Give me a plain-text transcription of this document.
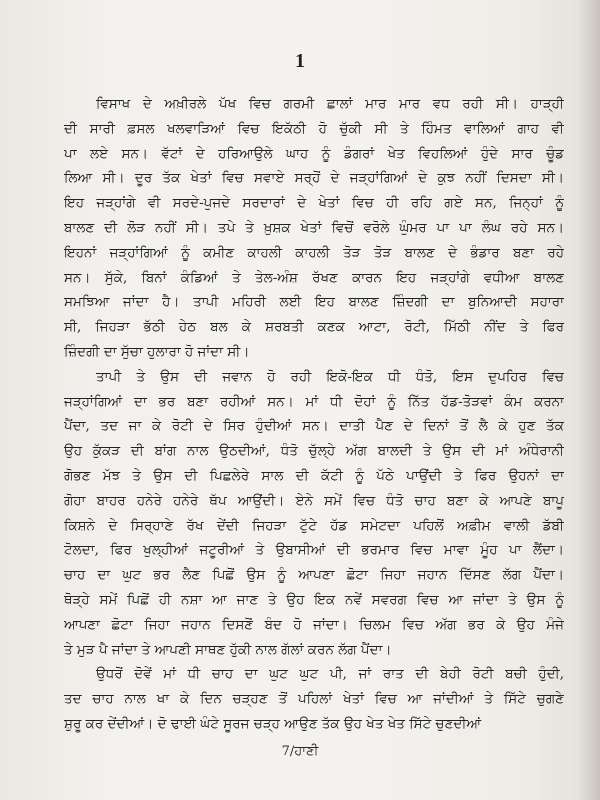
1
ਵਿਸਾਖ ਦੇ ਅਖ਼ੀਰਲੇ ਪੱਖ ਵਿਚ ਗਰਮੀ ਛਾਲਾਂ ਮਾਰ ਮਾਰ ਵਧ ਰਹੀ ਸੀ। ਹਾੜ੍ਹੀ
ਦੀ ਸਾਰੀ ਫ਼ਸਲ ਖਲਵਾੜਿਆਂ ਵਿਚ ਇਕੱਠੀ ਹੋ ਚੁੱਕੀ ਸੀ ਤੇ ਹਿੰਮਤ ਵਾਲਿਆਂ ਗਾਹ ਵੀ
ਪਾ ਲਏ ਸਨ। ਵੱਟਾਂ ਦੇ ਹਰਿਆਉਲੇ ਘਾਹ ਨੂੰ ਡੰਗਰਾਂ ਖੇਤ ਵਿਹਲਿਆਂ ਹੁੰਦੇ ਸਾਰ ਚੂੰਡ
ਲਿਆ ਸੀ। ਦੂਰ ਤੱਕ ਖੇਤਾਂ ਵਿਚ ਸਵਾਏ ਸਰ੍ਹੋਂ ਦੇ ਜੜ੍ਹਾਂਗਿਆਂ ਦੇ ਕੁਝ ਨਹੀਂ ਦਿਸਦਾ ਸੀ।
ਇਹ ਜੜ੍ਹਾਂਗੇ ਵੀ ਸਰਦੇ-ਪੁਜਦੇ ਸਰਦਾਰਾਂ ਦੇ ਖੇਤਾਂ ਵਿਚ ਹੀ ਰਹਿ ਗਏ ਸਨ, ਜਿਨ੍ਹਾਂ ਨੂੰ
ਬਾਲਣ ਦੀ ਲੋੜ ਨਹੀਂ ਸੀ। ਤਪੇ ਤੇ ਖ਼ੁਸ਼ਕ ਖੇਤਾਂ ਵਿਚੋਂ ਵਰੋਲੇ ਘੁੰਮਰ ਪਾ ਪਾ ਲੰਘ ਰਹੇ ਸਨ।
ਇਹਨਾਂ ਜੜ੍ਹਾਂਗਿਆਂ ਨੂੰ ਕਮੀਣ ਕਾਹਲੀ ਕਾਹਲੀ ਤੋੜ ਤੋੜ ਬਾਲਣ ਦੇ ਭੰਡਾਰ ਬਣਾ ਰਹੇ
ਸਨ। ਸੁੱਕੇ, ਬਿਨਾਂ ਕੰਡਿਆਂ ਤੇ ਤੇਲ-ਅੰਸ਼ ਰੱਖਣ ਕਾਰਨ ਇਹ ਜੜ੍ਹਾਂਗੇ ਵਧੀਆ ਬਾਲਣ
ਸਮਝਿਆ ਜਾਂਦਾ ਹੈ। ਤਾਪੀ ਮਹਿਰੀ ਲਈ ਇਹ ਬਾਲਣ ਜ਼ਿੰਦਗੀ ਦਾ ਬੁਨਿਆਦੀ ਸਹਾਰਾ
ਸੀ, ਜਿਹੜਾ ਭੱਠੀ ਹੇਠ ਬਲ ਕੇ ਸ਼ਰਬਤੀ ਕਣਕ ਆਟਾ, ਰੋਟੀ, ਮਿੱਠੀ ਨੀਂਦ ਤੇ ਫਿਰ
ਜ਼ਿੰਦਗੀ ਦਾ ਸੁੱਚਾ ਹੁਲਾਰਾ ਹੋ ਜਾਂਦਾ ਸੀ।
ਤਾਪੀ ਤੇ ਉਸ ਦੀ ਜਵਾਨ ਹੋ ਰਹੀ ਇਕੋ-ਇਕ ਧੀ ਧੰਤੋ, ਇਸ ਦੁਪਹਿਰ ਵਿਚ
ਜੜ੍ਹਾਂਗਿਆਂ ਦਾ ਭਰ ਬਣਾ ਰਹੀਆਂ ਸਨ। ਮਾਂ ਧੀ ਦੋਹਾਂ ਨੂੰ ਨਿੱਤ ਹੱਡ-ਤੋੜਵਾਂ ਕੰਮ ਕਰਨਾ
ਪੈਂਦਾ, ਤਦ ਜਾ ਕੇ ਰੋਟੀ ਦੇ ਸਿਰ ਹੁੰਦੀਆਂ ਸਨ। ਦਾਤੀ ਪੈਣ ਦੇ ਦਿਨਾਂ ਤੋਂ ਲੈ ਕੇ ਹੁਣ ਤੱਕ
ਉਹ ਕੁੱਕੜ ਦੀ ਬਾਂਗ ਨਾਲ ਉਠਦੀਆਂ, ਧੰਤੋ ਚੁੱਲ੍ਹੇ ਅੱਗ ਬਾਲਦੀ ਤੇ ਉਸ ਦੀ ਮਾਂ ਅੰਧੇਰਾਨੀ
ਗੋਭਣ ਮੱਝ ਤੇ ਉਸ ਦੀ ਪਿਛਲੇਰੇ ਸਾਲ ਦੀ ਕੱਟੀ ਨੂੰ ਪੱਠੇ ਪਾਉਂਦੀ ਤੇ ਫਿਰ ਉਹਨਾਂ ਦਾ
ਗੋਹਾ ਬਾਹਰ ਹਨੇਰੇ ਹਨੇਰੇ ਥੱਪ ਆਉਂਦੀ। ਏਨੇ ਸਮੇਂ ਵਿਚ ਧੰਤੋ ਚਾਹ ਬਣਾ ਕੇ ਆਪਣੇ ਬਾਪੂ
ਕਿਸ਼ਨੇ ਦੇ ਸਿਰ੍ਹਾਣੇ ਰੱਖ ਦੇਂਦੀ ਜਿਹੜਾ ਟੁੱਟੇ ਹੱਡ ਸਮੇਟਦਾ ਪਹਿਲੋਂ ਅਫ਼ੀਮ ਵਾਲੀ ਡੱਬੀ
ਟੋਲਦਾ, ਫਿਰ ਖੁਲ੍ਹੀਆਂ ਜਟੂਰੀਆਂ ਤੇ ਉਬਾਸੀਆਂ ਦੀ ਭਰਮਾਰ ਵਿਚ ਮਾਵਾ ਮੂੰਹ ਪਾ ਲੈਂਦਾ।
ਚਾਹ ਦਾ ਘੁਟ ਭਰ ਲੈਣ ਪਿਛੋਂ ਉਸ ਨੂੰ ਆਪਣਾ ਛੋਟਾ ਜਿਹਾ ਜਹਾਨ ਦਿੱਸਣ ਲੱਗ ਪੈਂਦਾ।
ਥੋੜ੍ਹੇ ਸਮੇਂ ਪਿਛੋਂ ਹੀ ਨਸ਼ਾ ਆ ਜਾਣ ਤੇ ਉਹ ਇਕ ਨਵੇਂ ਸਵਰਗ ਵਿਚ ਆ ਜਾਂਦਾ ਤੇ ਉਸ ਨੂੰ
ਆਪਣਾ ਛੋਟਾ ਜਿਹਾ ਜਹਾਨ ਦਿਸਣੋਂ ਬੰਦ ਹੋ ਜਾਂਦਾ। ਚਿਲਮ ਵਿਚ ਅੱਗ ਭਰ ਕੇ ਉਹ ਮੰਜੇ
ਤੇ ਮੁੜ ਪੈ ਜਾਂਦਾ ਤੇ ਆਪਣੀ ਸਾਥਣ ਹੁੱਕੀ ਨਾਲ ਗੱਲਾਂ ਕਰਨ ਲੱਗ ਪੈਂਦਾ।
ਉਧਰੋਂ ਦੋਵੇਂ ਮਾਂ ਧੀ ਚਾਹ ਦਾ ਘੁਟ ਘੁਟ ਪੀ, ਜਾਂ ਰਾਤ ਦੀ ਬੇਹੀ ਰੋਟੀ ਬਚੀ ਹੁੰਦੀ,
ਤਦ ਚਾਹ ਨਾਲ ਖਾ ਕੇ ਦਿਨ ਚੜ੍ਹਣ ਤੋਂ ਪਹਿਲਾਂ ਖੇਤਾਂ ਵਿਚ ਆ ਜਾਂਦੀਆਂ ਤੇ ਸਿੱਟੇ ਚੁਗਣੇ
ਸ਼ੁਰੂ ਕਰ ਦੇਂਦੀਆਂ। ਦੋ ਢਾਈ ਘੰਟੇ ਸੂਰਜ ਚੜ੍ਹ ਆਉਣ ਤੱਕ ਉਹ ਖੇਤ ਖੇਤ ਸਿੱਟੇ ਚੁਣਦੀਆਂ
7/ਹਾਣੀ
